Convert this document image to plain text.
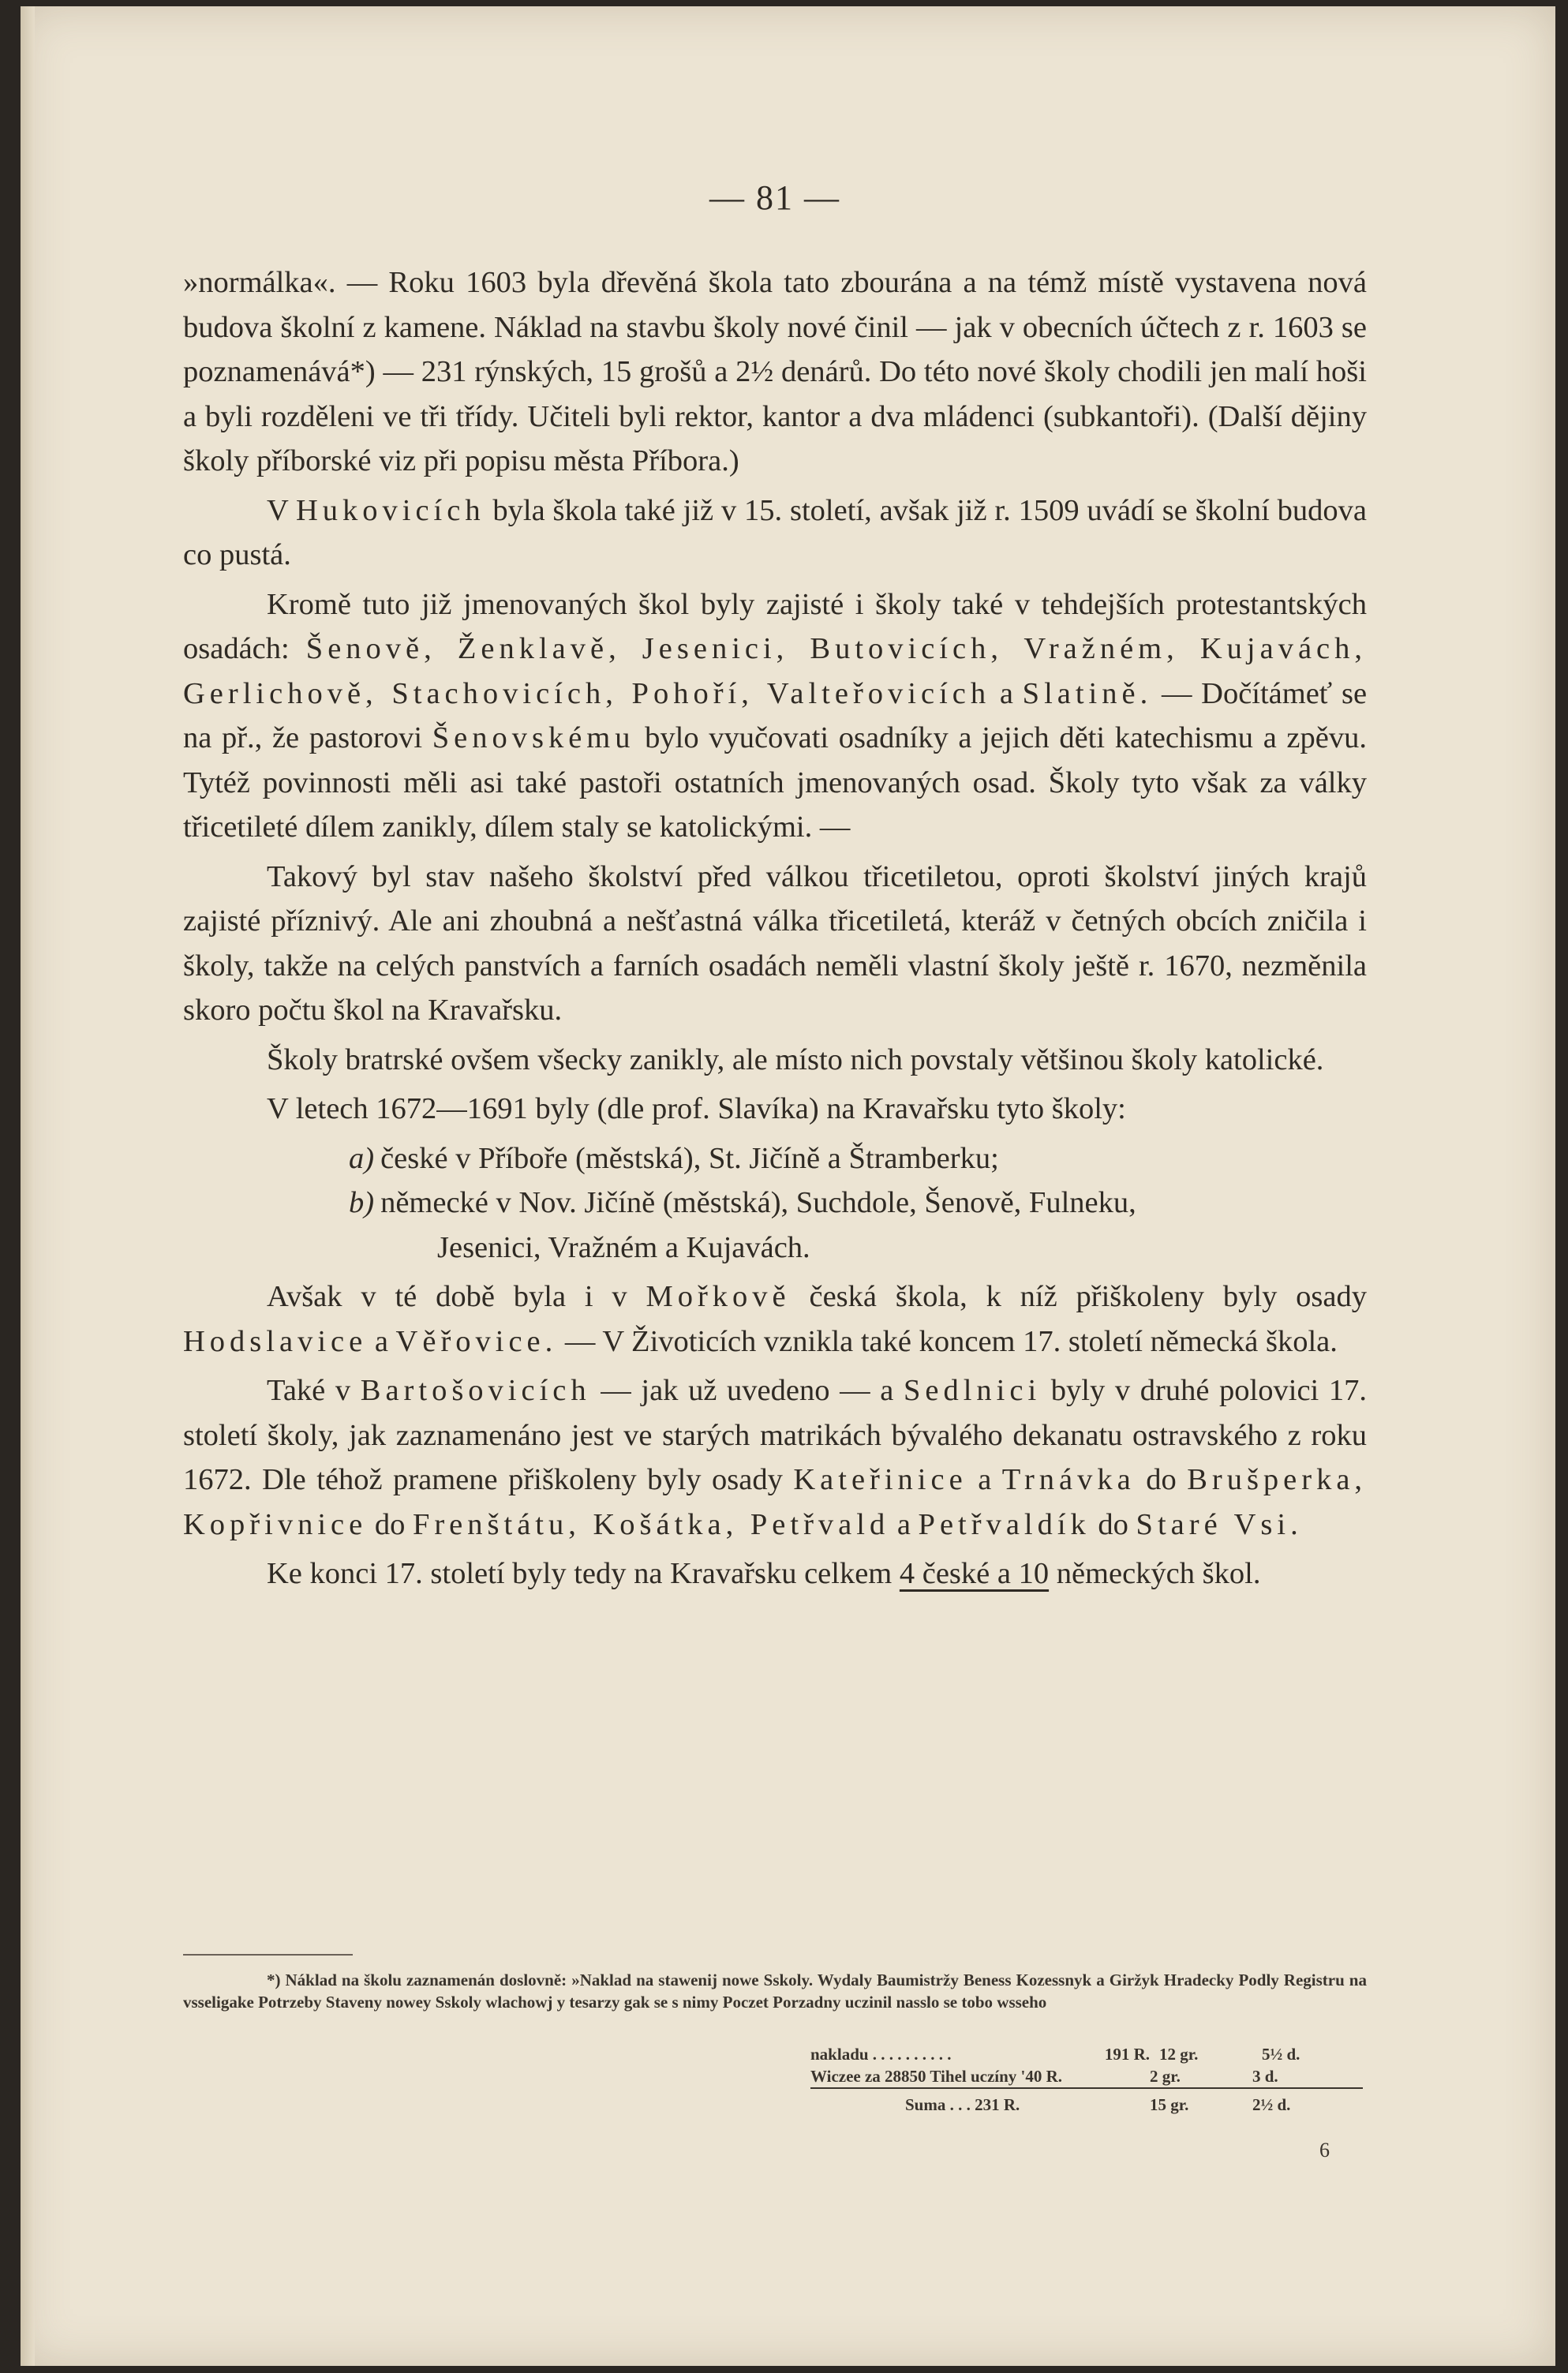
— 81 —

»normálka«. — Roku 1603 byla dřevěná škola tato zbourána a na témž místě vystavena nová budova školní z kamene. Náklad na stavbu školy nové činil — jak v obecních účtech z r. 1603 se poznamenává*) — 231 rýnských, 15 grošů a 2½ denárů. Do této nové školy chodili jen malí hoši a byli rozděleni ve tři třídy. Učiteli byli rektor, kantor a dva mládenci (subkantoři). (Další dějiny školy příborské viz při popisu města Příbora.)

V Hukovicích byla škola také již v 15. století, avšak již r. 1509 uvádí se školní budova co pustá.

Kromě tuto již jmenovaných škol byly zajisté i školy také v tehdejších protestantských osadách: Šenově, Ženklavě, Jesenici, Butovicích, Vražném, Kujavách, Gerlichově, Stachovicích, Pohoří, Valteřovicích a Slatině. — Dočítámeť se na př., že pastorovi Šenovskému bylo vyučovati osadníky a jejich děti katechismu a zpěvu. Tytéž povinnosti měli asi také pastoři ostatních jmenovaných osad. Školy tyto však za války třicetileté dílem zanikly, dílem staly se katolickými. —

Takový byl stav našeho školství před válkou třicetiletou, oproti školství jiných krajů zajisté příznivý. Ale ani zhoubná a nešťastná válka třicetiletá, kteráž v četných obcích zničila i školy, takže na celých panstvích a farních osadách neměli vlastní školy ještě r. 1670, nezměnila skoro počtu škol na Kravařsku.

Školy bratrské ovšem všecky zanikly, ale místo nich povstaly většinou školy katolické.

V letech 1672—1691 byly (dle prof. Slavíka) na Kravařsku tyto školy:

a) české v Příboře (městská), St. Jičíně a Štramberku;
b) německé v Nov. Jičíně (městská), Suchdole, Šenově, Fulneku,
Jesenici, Vražném a Kujavách.

Avšak v té době byla i v Mořkově česká škola, k níž přiškoleny byly osady Hodslavice a Věřovice. — V Životicích vznikla také koncem 17. století německá škola.

Také v Bartošovicích — jak už uvedeno — a Sedlnici byly v druhé polovici 17. století školy, jak zaznamenáno jest ve starých matrikách bývalého dekanatu ostravského z roku 1672. Dle téhož pramene přiškoleny byly osady Kateřinice a Trnávka do Brušperka, Kopřivnice do Frenštátu, Košátka, Petřvald a Petřvaldík do Staré Vsi.

Ke konci 17. století byly tedy na Kravařsku celkem 4 české a 10 německých škol.

*) Náklad na školu zaznamenán doslovně: »Naklad na stawenij nowe Sskoly. Wydaly Baumistržy Beness Kozessnyk a Giržyk Hradecky Podly Registru na vsseligake Potrzeby Staveny nowey Sskoly wlachowj y tesarzy gak se s nimy Poczet Porzadny uczinil nasslo se tobo wsseho

nakladu . . . . . . . . . .	191 R. 12 gr.	5½ d.
Wiczee za 28850 Tihel uczíny '40 R.	2 gr.	3 d.
Suma . . . 231 R.	15 gr.	2½ d.
6
